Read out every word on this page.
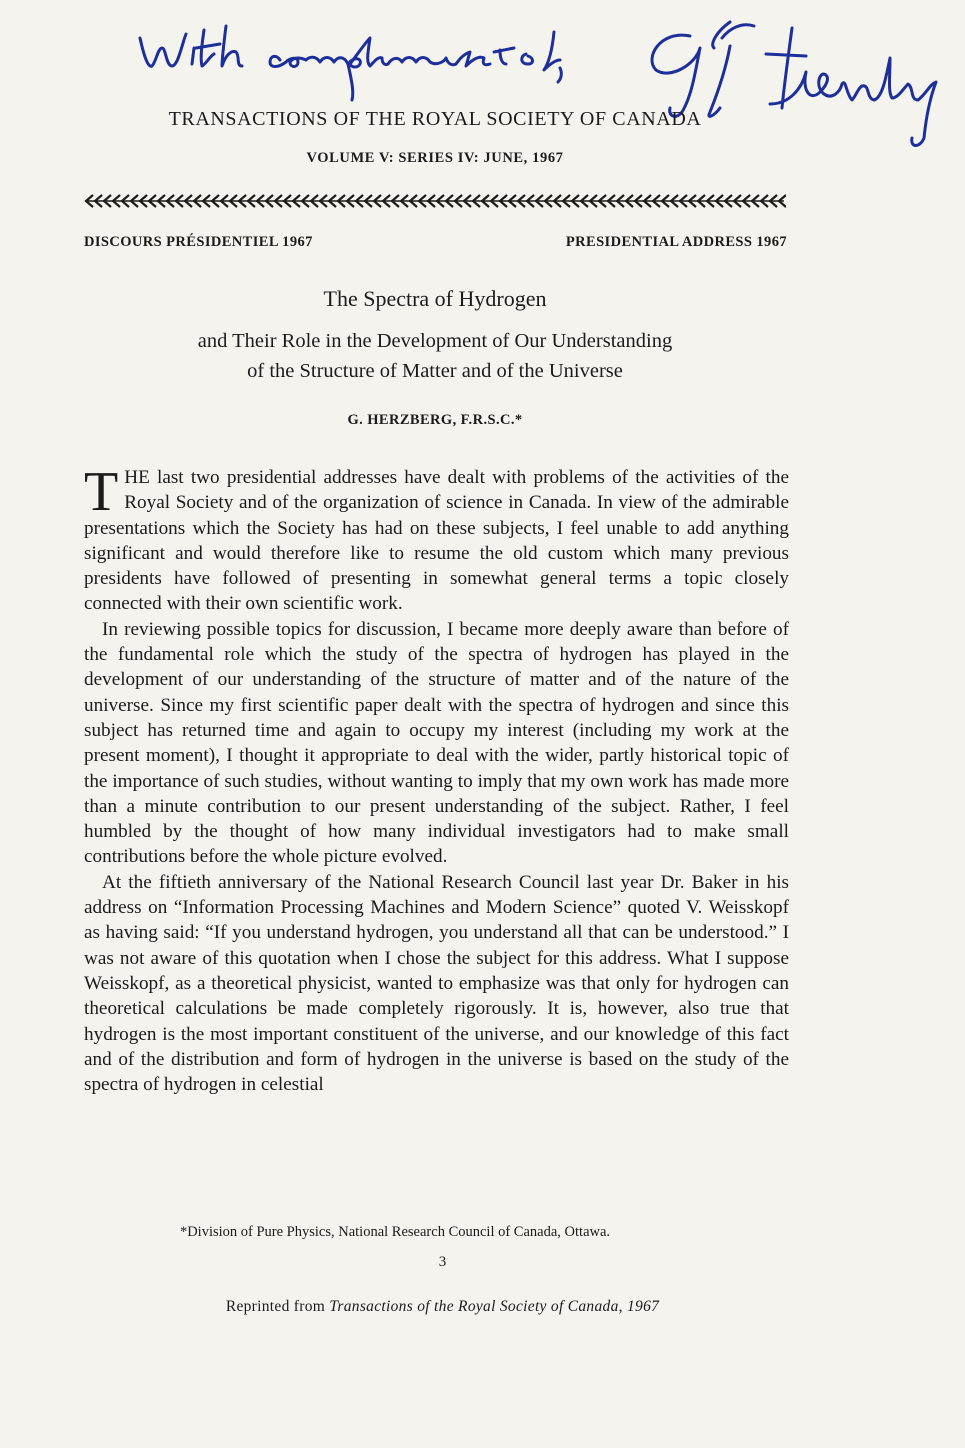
TRANSACTIONS OF THE ROYAL SOCIETY OF CANADA
VOLUME V: SERIES IV: JUNE, 1967
DISCOURS PRÉSIDENTIEL 1967	PRESIDENTIAL ADDRESS 1967
The Spectra of Hydrogen
and Their Role in the Development of Our Understanding
of the Structure of Matter and of the Universe
G. HERZBERG, F.R.S.C.*

THE last two presidential addresses have dealt with problems of the activities of the Royal Society and of the organization of science in Canada. In view of the admirable presentations which the Society has had on these subjects, I feel unable to add anything significant and would therefore like to resume the old custom which many previous presidents have followed of presenting in somewhat general terms a topic closely connected with their own scientific work.

In reviewing possible topics for discussion, I became more deeply aware than before of the fundamental role which the study of the spectra of hydrogen has played in the development of our understanding of the structure of matter and of the nature of the universe. Since my first scientific paper dealt with the spectra of hydrogen and since this subject has returned time and again to occupy my interest (including my work at the present moment), I thought it appropriate to deal with the wider, partly historical topic of the importance of such studies, without wanting to imply that my own work has made more than a minute contribution to our present understanding of the subject. Rather, I feel humbled by the thought of how many individual investigators had to make small contributions before the whole picture evolved.

At the fiftieth anniversary of the National Research Council last year Dr. Baker in his address on “Information Processing Machines and Modern Science” quoted V. Weisskopf as having said: “If you understand hydrogen, you understand all that can be understood.” I was not aware of this quotation when I chose the subject for this address. What I suppose Weisskopf, as a theoretical physicist, wanted to emphasize was that only for hydrogen can theoretical calculations be made completely rigorously. It is, however, also true that hydrogen is the most important constituent of the universe, and our knowledge of this fact and of the distribution and form of hydrogen in the universe is based on the study of the spectra of hydrogen in celestial

*Division of Pure Physics, National Research Council of Canada, Ottawa.
3
Reprinted from Transactions of the Royal Society of Canada, 1967
